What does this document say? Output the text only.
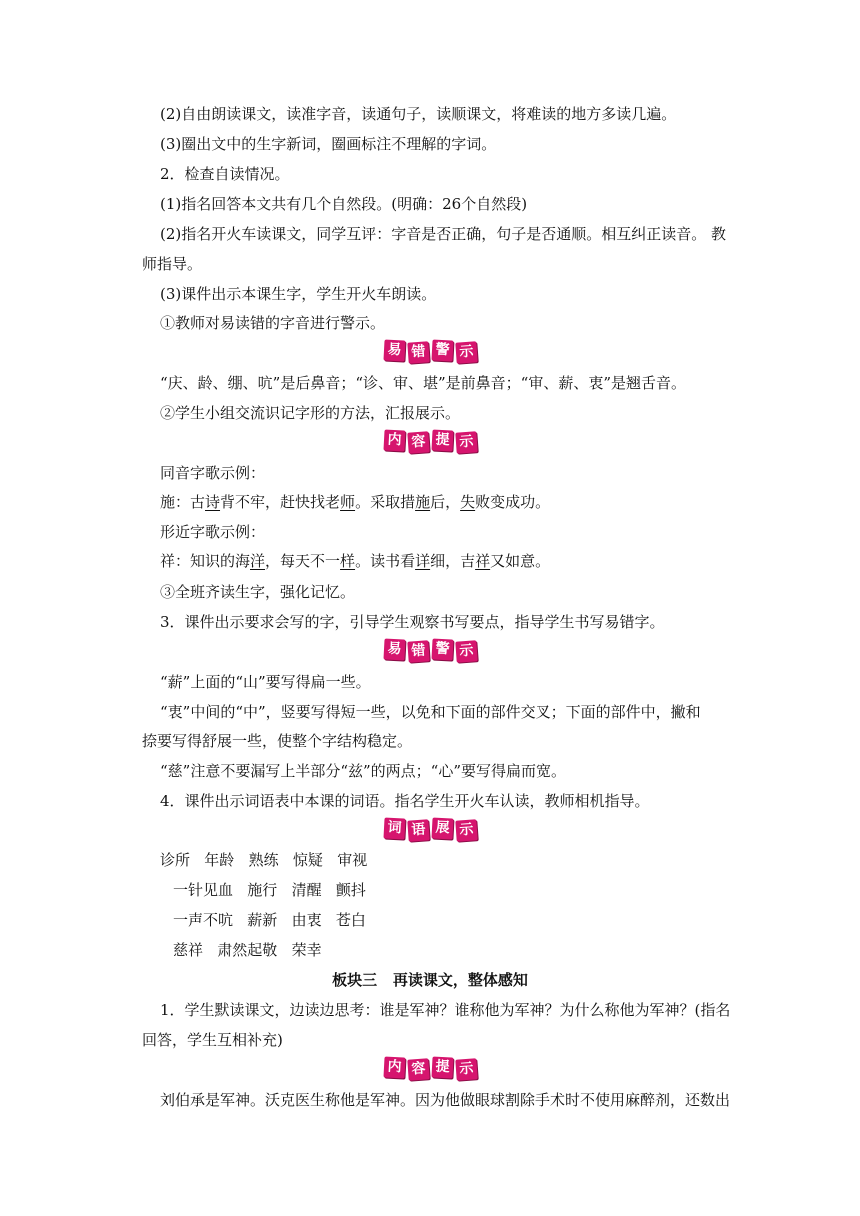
(2)自由朗读课文，读准字音，读通句子，读顺课文，将难读的地方多读几遍。
(3)圈出文中的生字新词，圈画标注不理解的字词。
2．检查自读情况。
(1)指名回答本文共有几个自然段。(明确：26个自然段)
(2)指名开火车读课文，同学互评：字音是否正确，句子是否通顺。相互纠正读音。 教
师指导。
(3)课件出示本课生字，学生开火车朗读。
①教师对易读错的字音进行警示。
易 错 警 示
“庆、龄、绷、吭”是后鼻音；“诊、审、堪”是前鼻音；“审、薪、衷”是翘舌音。
②学生小组交流识记字形的方法，汇报展示。
内 容 提 示
同音字歌示例：
施：古诗背不牢，赶快找老师。采取措施后，失败变成功。
形近字歌示例：
祥：知识的海洋，每天不一样。读书看详细，吉祥又如意。
③全班齐读生字，强化记忆。
3．课件出示要求会写的字，引导学生观察书写要点，指导学生书写易错字。
易 错 警 示
“薪”上面的“山”要写得扁一些。
“衷”中间的“中”，竖要写得短一些，以免和下面的部件交叉；下面的部件中，撇和
捺要写得舒展一些，使整个字结构稳定。
“慈”注意不要漏写上半部分“兹”的两点；“心”要写得扁而宽。
4．课件出示词语表中本课的词语。指名学生开火车认读，教师相机指导。
词 语 展 示
诊所   年龄   熟练   惊疑   审视
一针见血   施行   清醒   颤抖
一声不吭   薪新   由衷   苍白
慈祥   肃然起敬   荣幸
板块三   再读课文，整体感知
1．学生默读课文，边读边思考：谁是军神？谁称他为军神？为什么称他为军神？(指名
回答，学生互相补充)
内 容 提 示
刘伯承是军神。沃克医生称他是军神。因为他做眼球割除手术时不使用麻醉剂，还数出
